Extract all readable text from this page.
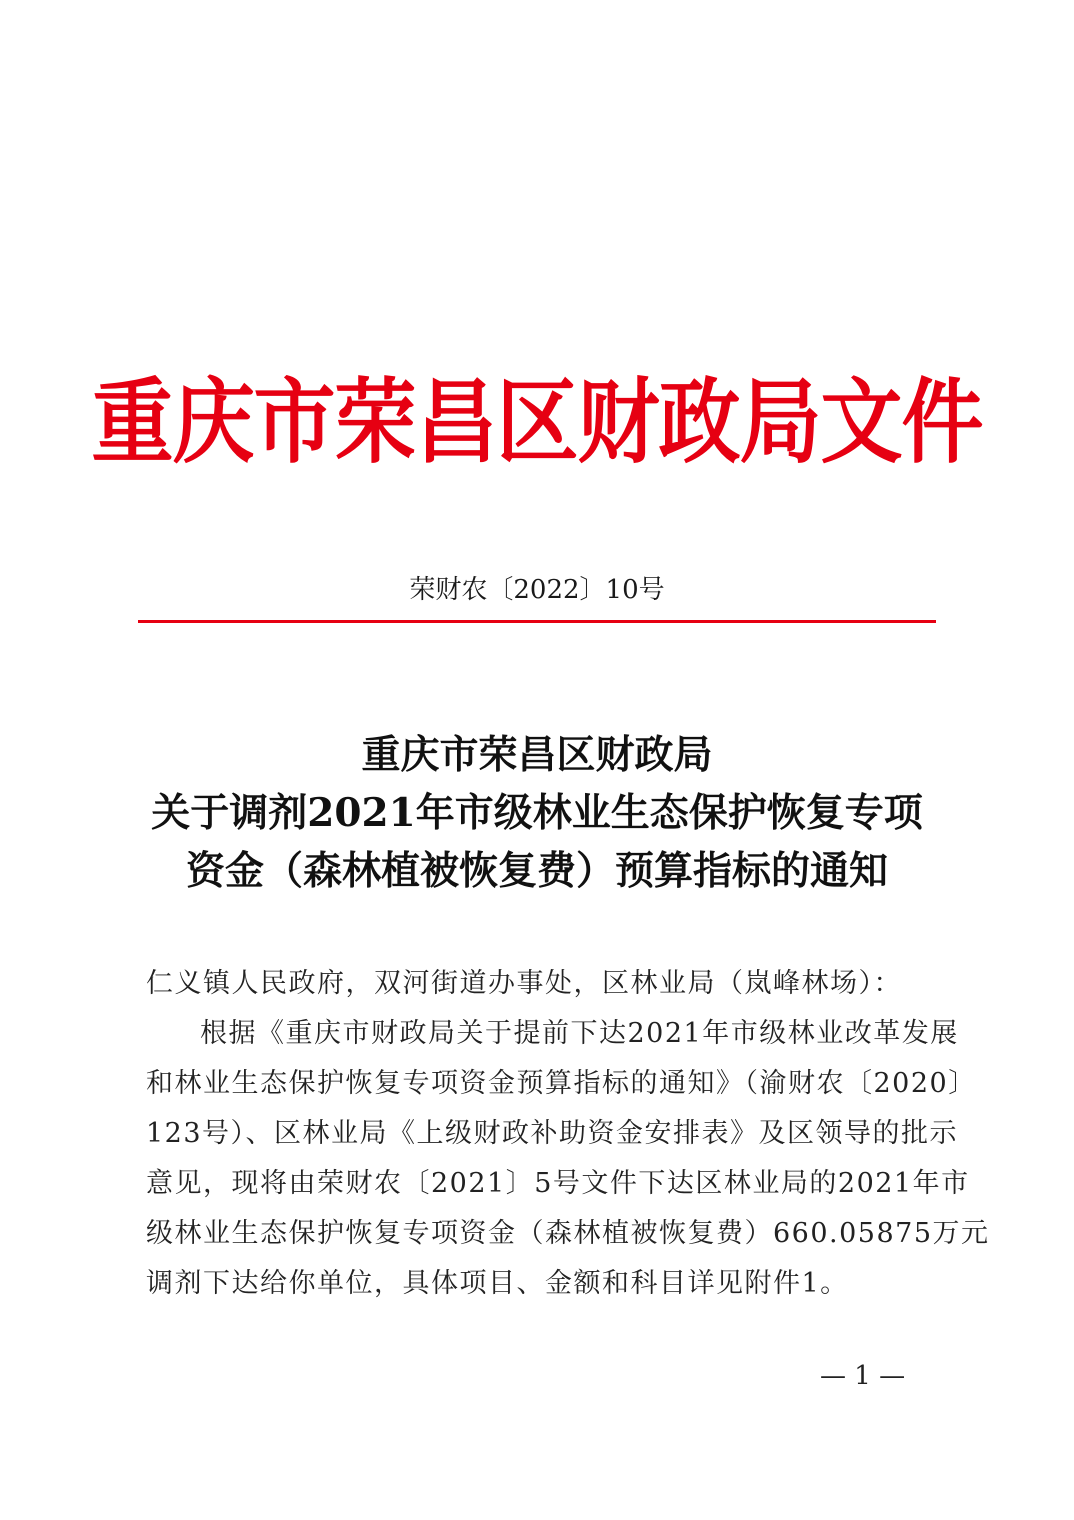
重庆市荣昌区财政局文件
荣财农〔2022〕10号
重庆市荣昌区财政局
关于调剂2021年市级林业生态保护恢复专项
资金（森林植被恢复费）预算指标的通知
仁义镇人民政府，双河街道办事处，区林业局（岚峰林场）：
根据《重庆市财政局关于提前下达2021年市级林业改革发展
和林业生态保护恢复专项资金预算指标的通知》（渝财农〔2020〕
123号）、区林业局《上级财政补助资金安排表》及区领导的批示
意见，现将由荣财农〔2021〕5号文件下达区林业局的2021年市
级林业生态保护恢复专项资金（森林植被恢复费）660.05875万元
调剂下达给你单位，具体项目、金额和科目详见附件1。
— 1 —
